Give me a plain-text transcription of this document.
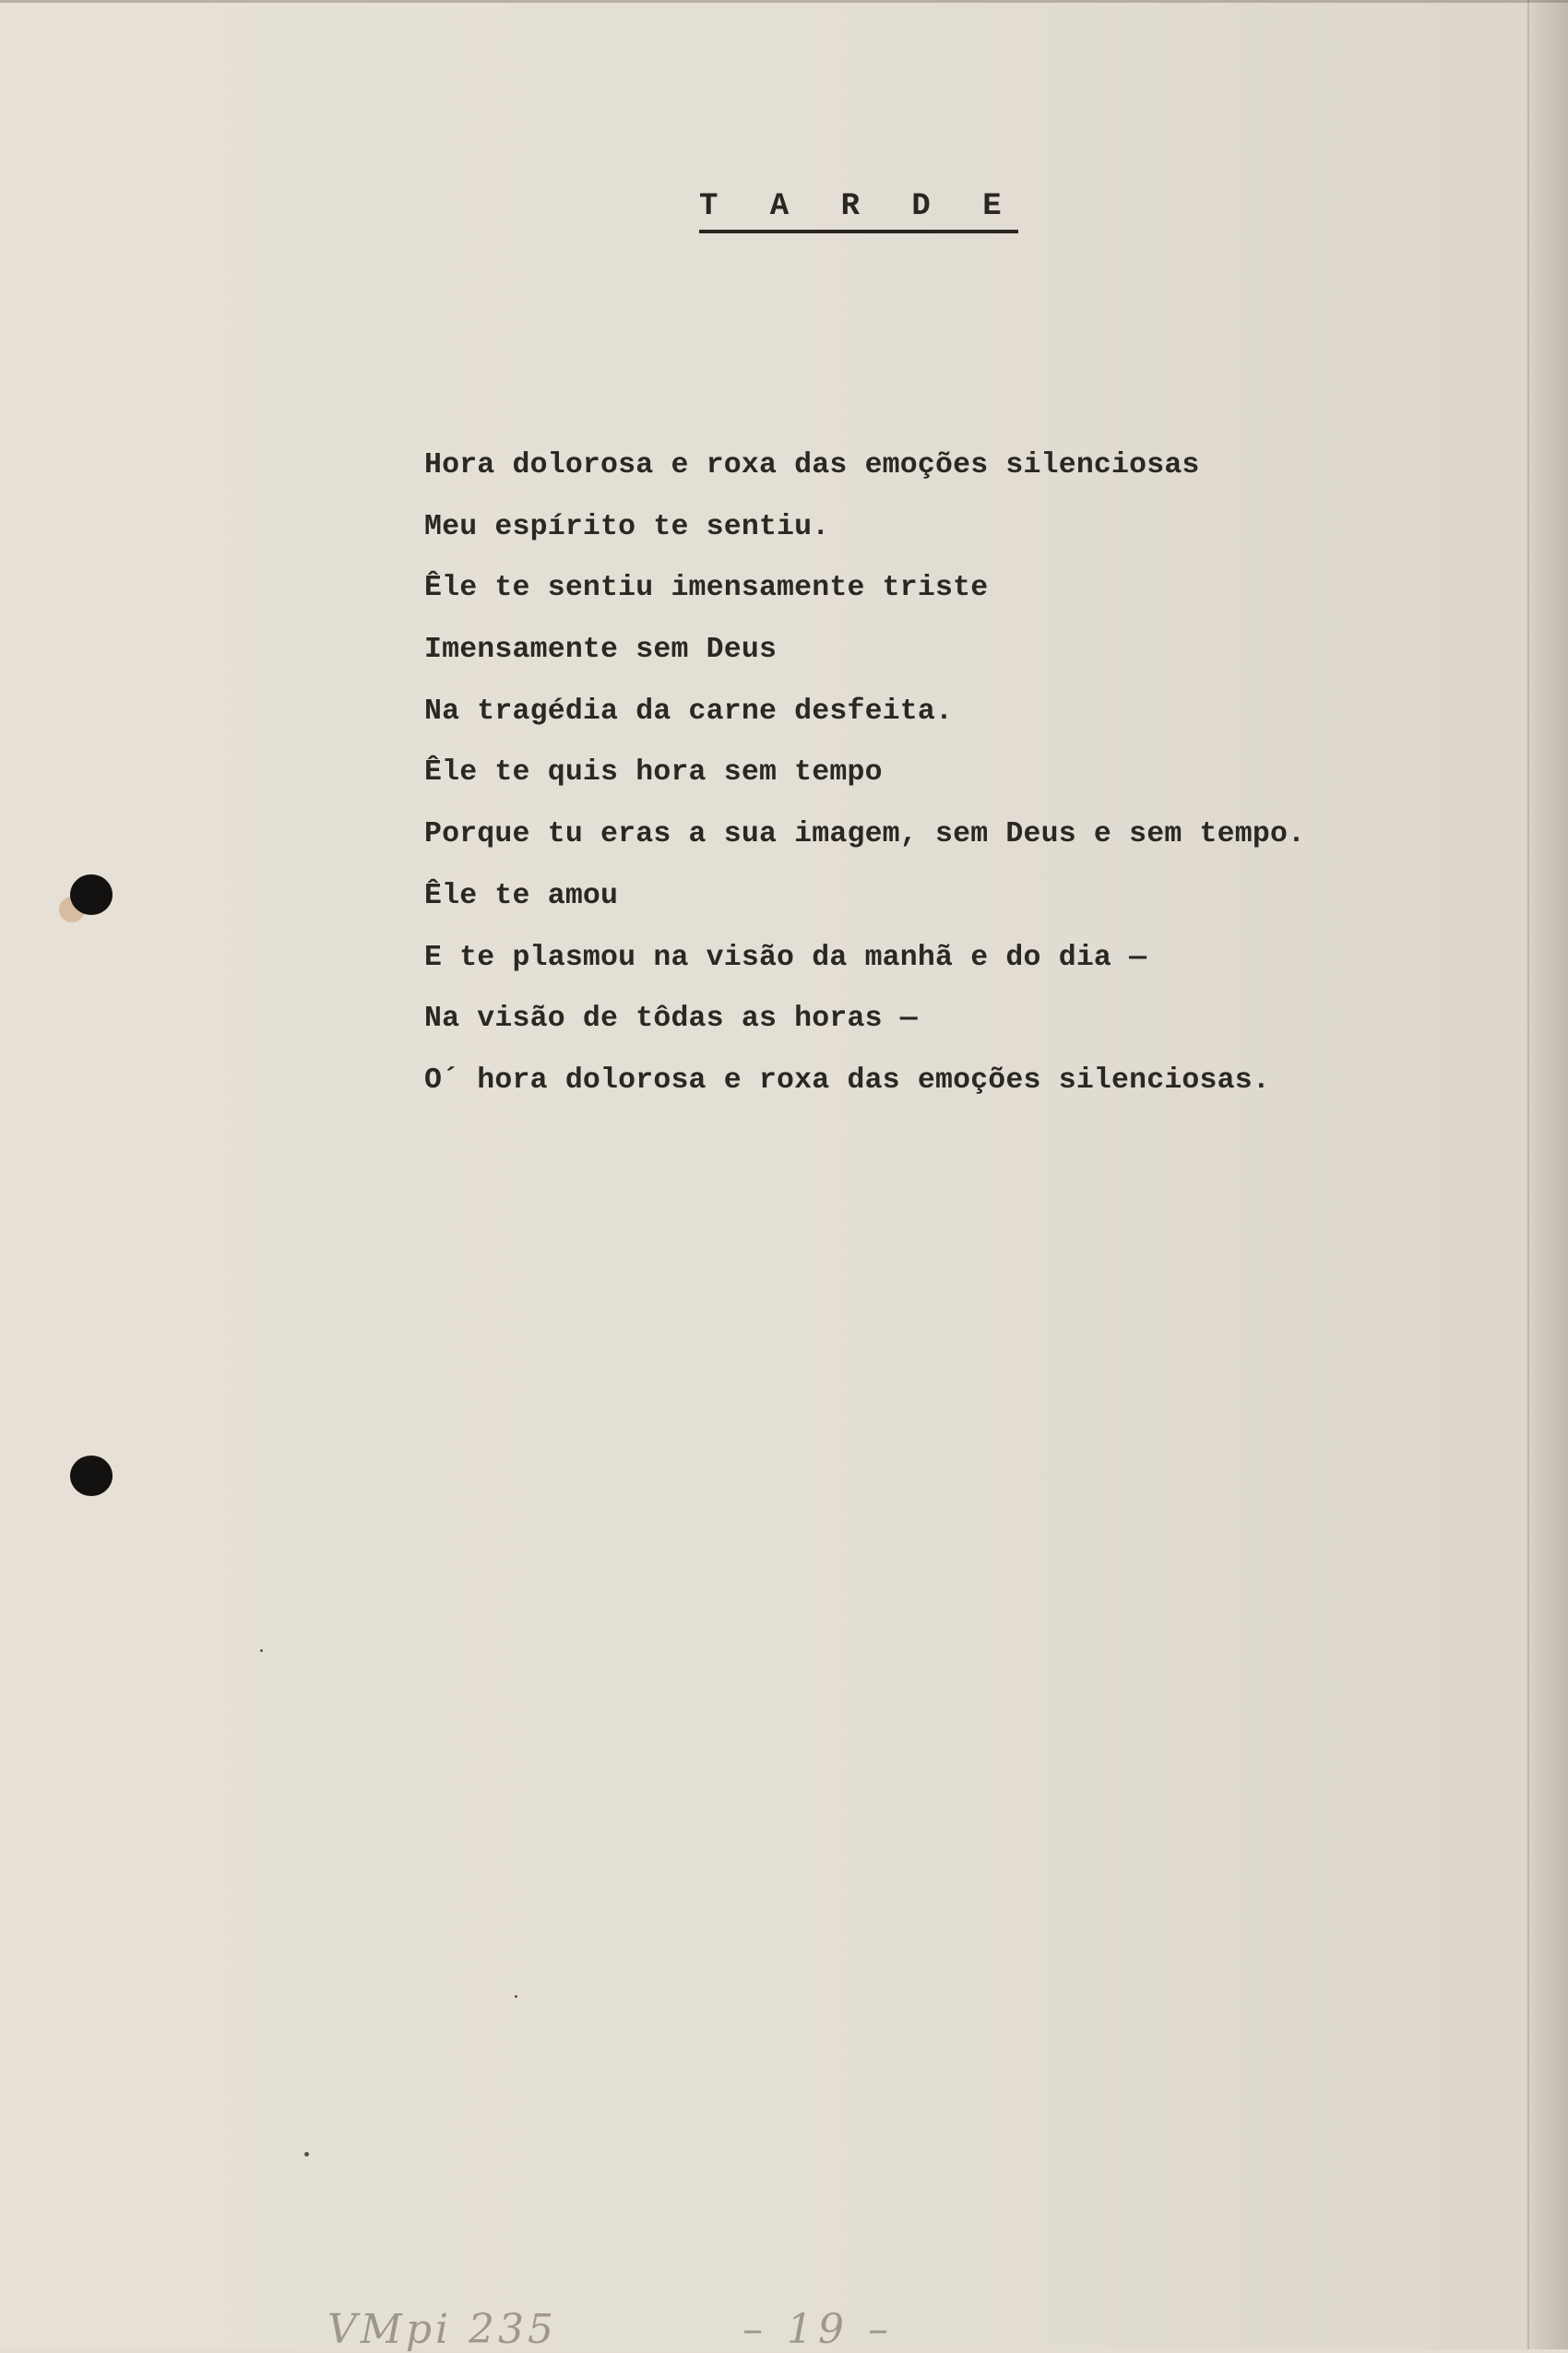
T A R D E
Hora dolorosa e roxa das emoções silenciosas
Meu espírito te sentiu.
Êle te sentiu imensamente triste
Imensamente sem Deus
Na tragédia da carne desfeita.
Êle te quis hora sem tempo
Porque tu eras a sua imagem, sem Deus e sem tempo.
Êle te amou
E te plasmou na visão da manhã e do dia —
Na visão de tôdas as horas —
O´ hora dolorosa e roxa das emoções silenciosas.
VMpi 235	– 19 –
